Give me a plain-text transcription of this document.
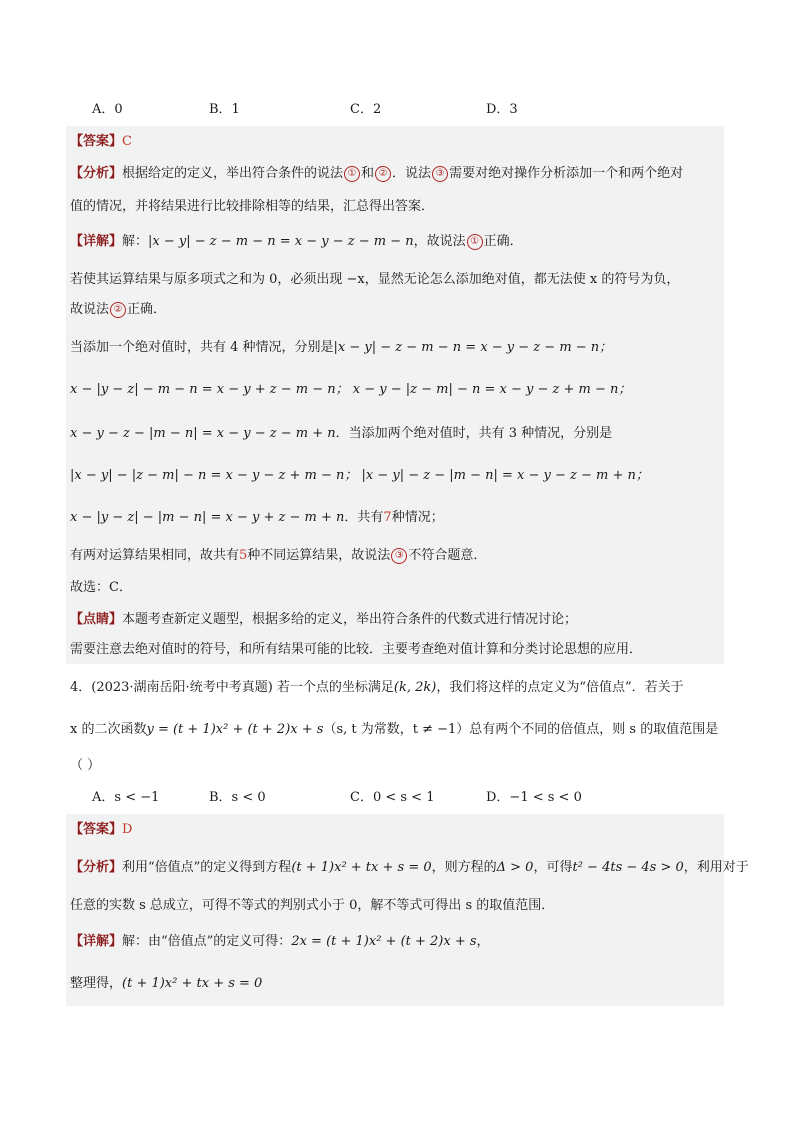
A．0	B．1	C．2	D．3
【答案】C
【分析】根据给定的定义，举出符合条件的说法 ① 和 ② ．说法 ③ 需要对绝对操作分析添加一个和两个绝对
值的情况，并将结果进行比较排除相等的结果，汇总得出答案．
【详解】解：|x − y| − z − m − n = x − y − z − m − n，故说法 ① 正确．
若使其运算结果与原多项式之和为 0，必须出现 −x，显然无论怎么添加绝对值，都无法使 x 的符号为负，
故说法 ② 正确．
当添加一个绝对值时，共有 4 种情况，分别是|x − y| − z − m − n = x − y − z − m − n；
x − |y − z| − m − n = x − y + z − m − n； x − y − |z − m| − n = x − y − z + m − n；
x − y − z − |m − n| = x − y − z − m + n．当添加两个绝对值时，共有 3 种情况，分别是
|x − y| − |z − m| − n = x − y − z + m − n； |x − y| − z − |m − n| = x − y − z − m + n；
x − |y − z| − |m − n| = x − y + z − m + n．共有7种情况；
有两对运算结果相同，故共有5种不同运算结果，故说法 ③ 不符合题意．
故选：C．
【点睛】本题考查新定义题型，根据多给的定义，举出符合条件的代数式进行情况讨论；
需要注意去绝对值时的符号，和所有结果可能的比较．主要考查绝对值计算和分类讨论思想的应用．
4．(2023·湖南岳阳·统考中考真题) 若一个点的坐标满足(k, 2k)，我们将这样的点定义为“倍值点”．若关于
x 的二次函数y = (t + 1)x² + (t + 2)x + s（s, t 为常数，t ≠ −1）总有两个不同的倍值点，则 s 的取值范围是
（ ）
A．s < −1	B．s < 0	C．0 < s < 1	D．−1 < s < 0
【答案】D
【分析】利用“倍值点”的定义得到方程(t + 1)x² + tx + s = 0，则方程的Δ > 0，可得t² − 4ts − 4s > 0，利用对于
任意的实数 s 总成立，可得不等式的判别式小于 0，解不等式可得出 s 的取值范围．
【详解】解：由“倍值点”的定义可得：2x = (t + 1)x² + (t + 2)x + s，
整理得，(t + 1)x² + tx + s = 0
